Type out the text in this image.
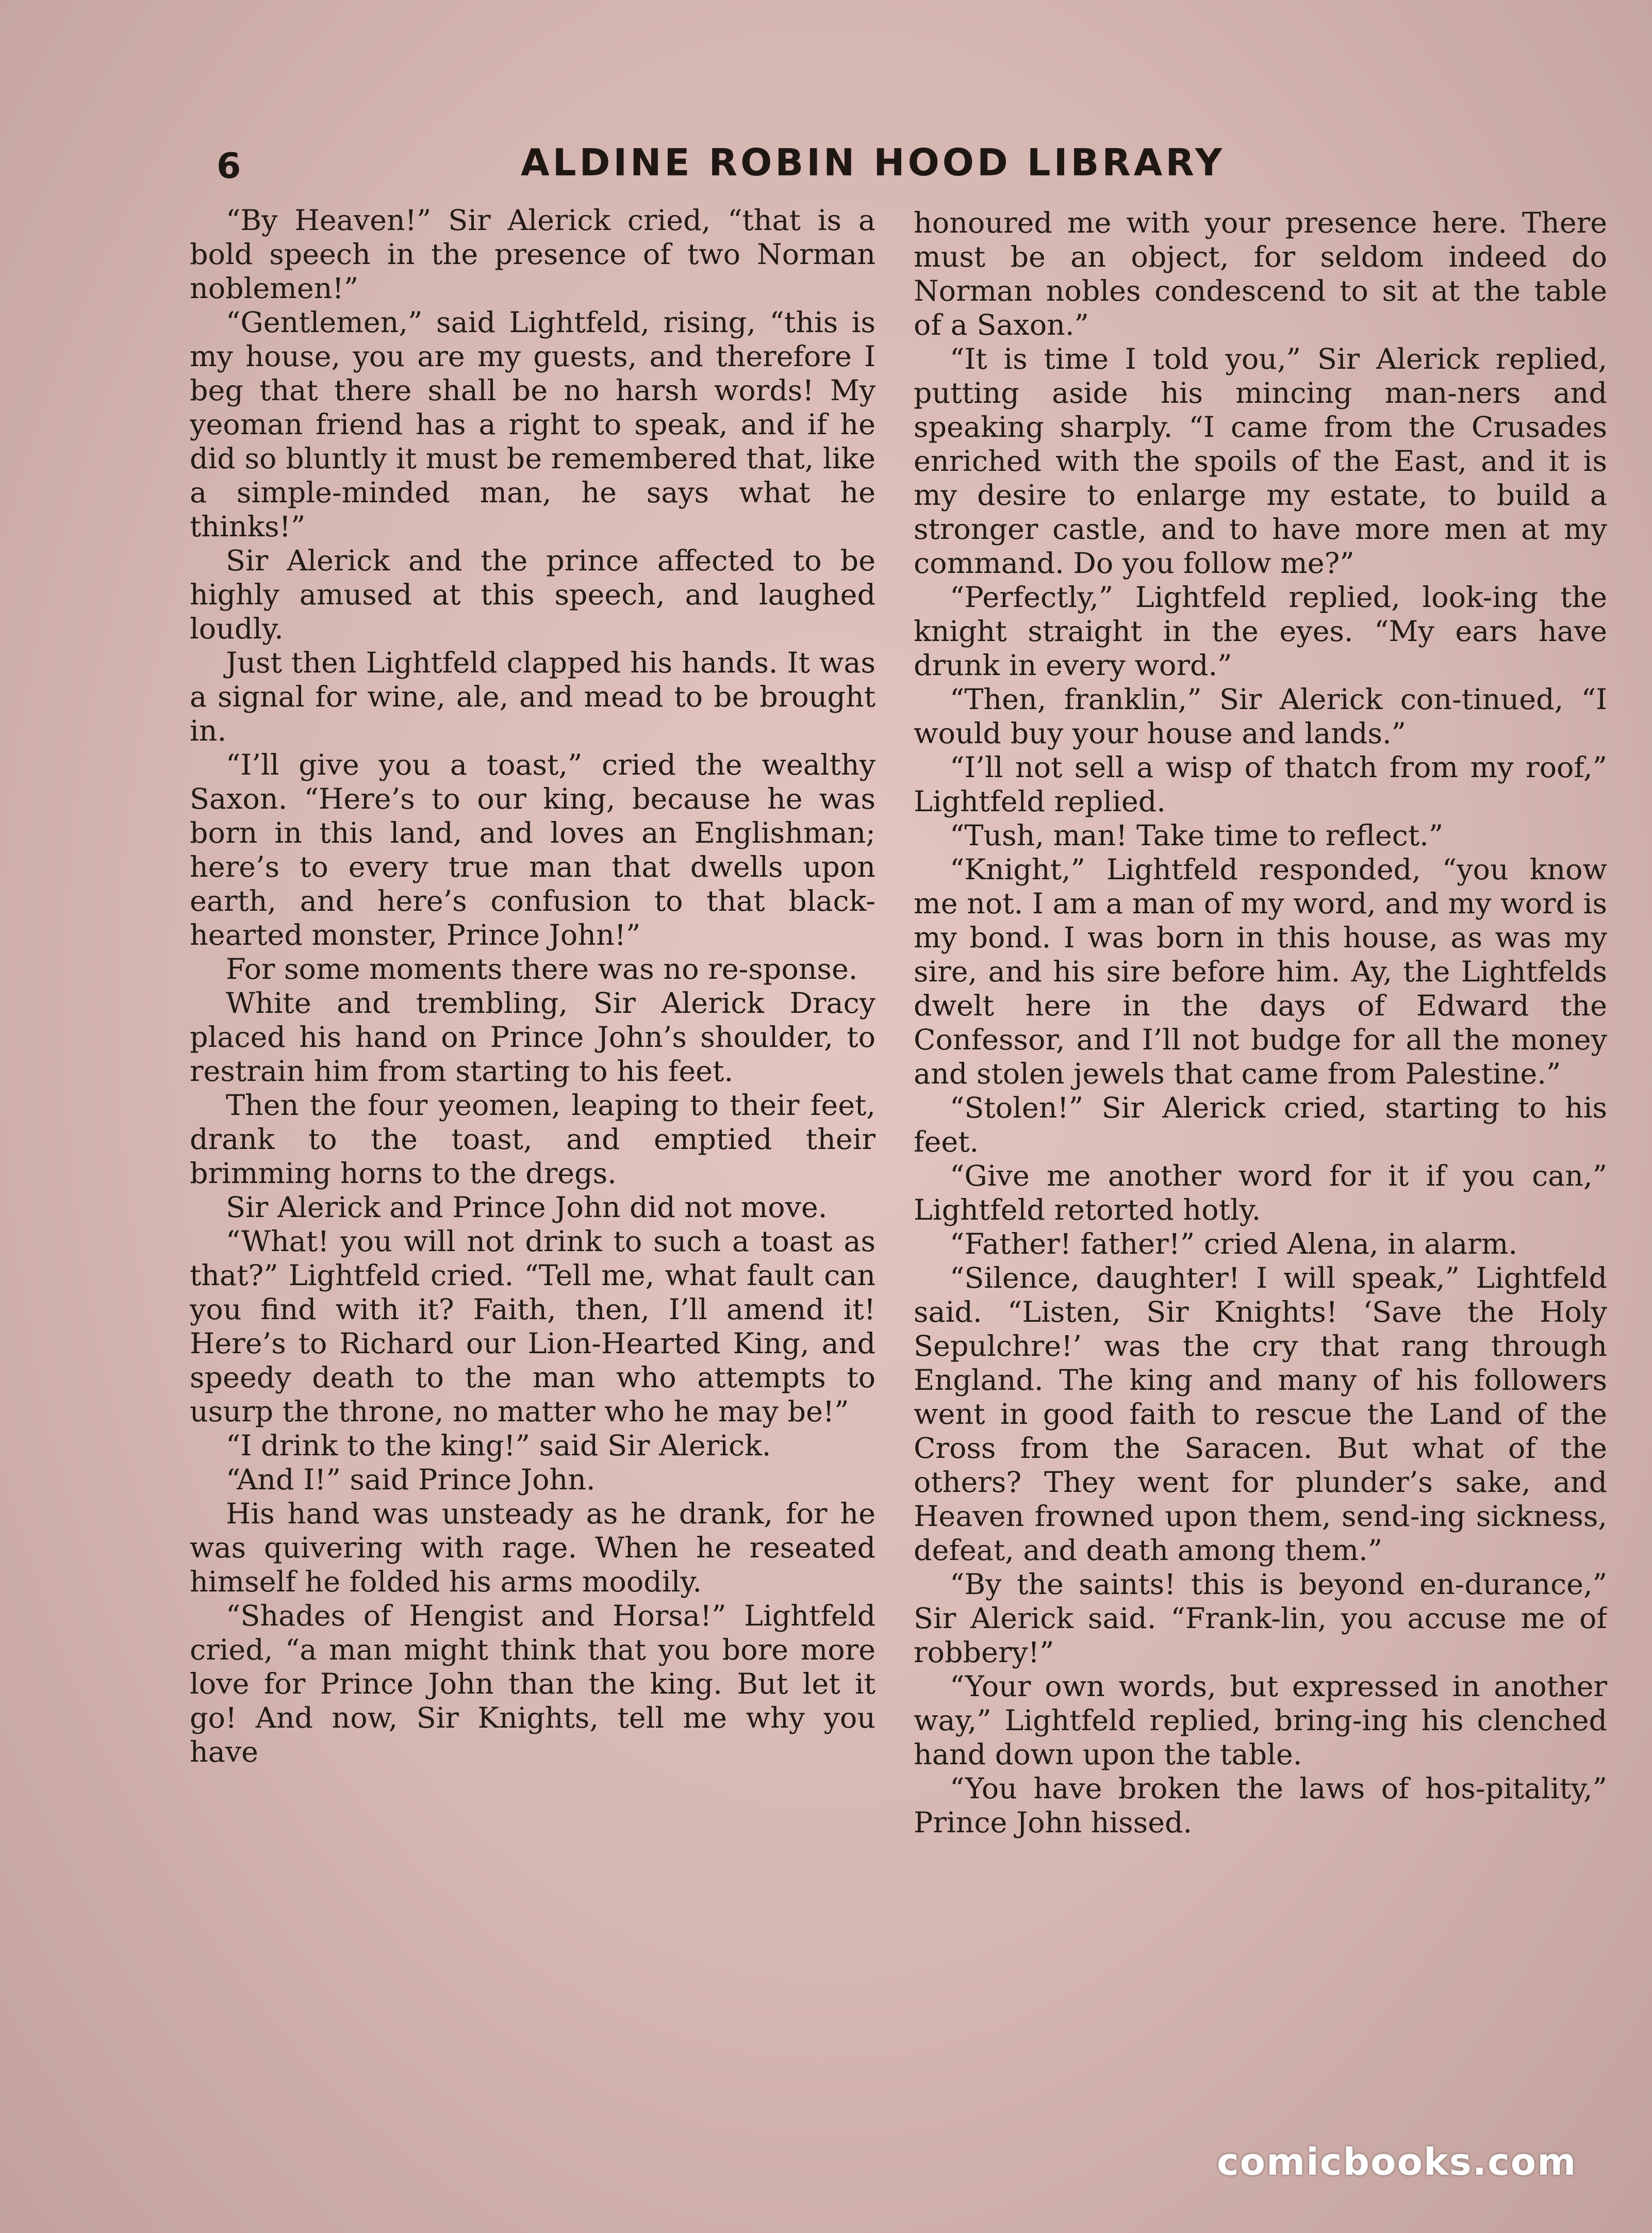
6	ALDINE ROBIN HOOD LIBRARY

“By Heaven!” Sir Alerick cried, “that is a bold speech in the presence of two Norman noblemen!”

“Gentlemen,” said Lightfeld, rising, “this is my house, you are my guests, and therefore I beg that there shall be no harsh words! My yeoman friend has a right to speak, and if he did so bluntly it must be remembered that, like a simple-minded man, he says what he thinks!”

Sir Alerick and the prince affected to be highly amused at this speech, and laughed loudly.

Just then Lightfeld clapped his hands. It was a signal for wine, ale, and mead to be brought in.

“I’ll give you a toast,” cried the wealthy Saxon. “Here’s to our king, because he was born in this land, and loves an Englishman; here’s to every true man that dwells upon earth, and here’s confusion to that black-hearted monster, Prince John!”

For some moments there was no re-sponse.

White and trembling, Sir Alerick Dracy placed his hand on Prince John’s shoulder, to restrain him from starting to his feet.

Then the four yeomen, leaping to their feet, drank to the toast, and emptied their brimming horns to the dregs.

Sir Alerick and Prince John did not move.

“What! you will not drink to such a toast as that?” Lightfeld cried. “Tell me, what fault can you find with it? Faith, then, I’ll amend it! Here’s to Richard our Lion-Hearted King, and speedy death to the man who attempts to usurp the throne, no matter who he may be!”

“I drink to the king!” said Sir Alerick.

“And I!” said Prince John.

His hand was unsteady as he drank, for he was quivering with rage. When he reseated himself he folded his arms moodily.

“Shades of Hengist and Horsa!” Lightfeld cried, “a man might think that you bore more love for Prince John than the king. But let it go! And now, Sir Knights, tell me why you have

honoured me with your presence here. There must be an object, for seldom indeed do Norman nobles condescend to sit at the table of a Saxon.”

“It is time I told you,” Sir Alerick replied, putting aside his mincing man-ners and speaking sharply. “I came from the Crusades enriched with the spoils of the East, and it is my desire to enlarge my estate, to build a stronger castle, and to have more men at my command. Do you follow me?”

“Perfectly,” Lightfeld replied, look-ing the knight straight in the eyes. “My ears have drunk in every word.”

“Then, franklin,” Sir Alerick con-tinued, “I would buy your house and lands.”

“I’ll not sell a wisp of thatch from my roof,” Lightfeld replied.

“Tush, man! Take time to reflect.”

“Knight,” Lightfeld responded, “you know me not. I am a man of my word, and my word is my bond. I was born in this house, as was my sire, and his sire before him. Ay, the Lightfelds dwelt here in the days of Edward the Confessor, and I’ll not budge for all the money and stolen jewels that came from Palestine.”

“Stolen!” Sir Alerick cried, starting to his feet.

“Give me another word for it if you can,” Lightfeld retorted hotly.

“Father! father!” cried Alena, in alarm.

“Silence, daughter! I will speak,” Lightfeld said. “Listen, Sir Knights! ‘Save the Holy Sepulchre!’ was the cry that rang through England. The king and many of his followers went in good faith to rescue the Land of the Cross from the Saracen. But what of the others? They went for plunder’s sake, and Heaven frowned upon them, send-ing sickness, defeat, and death among them.”

“By the saints! this is beyond en-durance,” Sir Alerick said. “Frank-lin, you accuse me of robbery!”

“Your own words, but expressed in another way,” Lightfeld replied, bring-ing his clenched hand down upon the table.

“You have broken the laws of hos-pitality,” Prince John hissed.

comicbooks.com
